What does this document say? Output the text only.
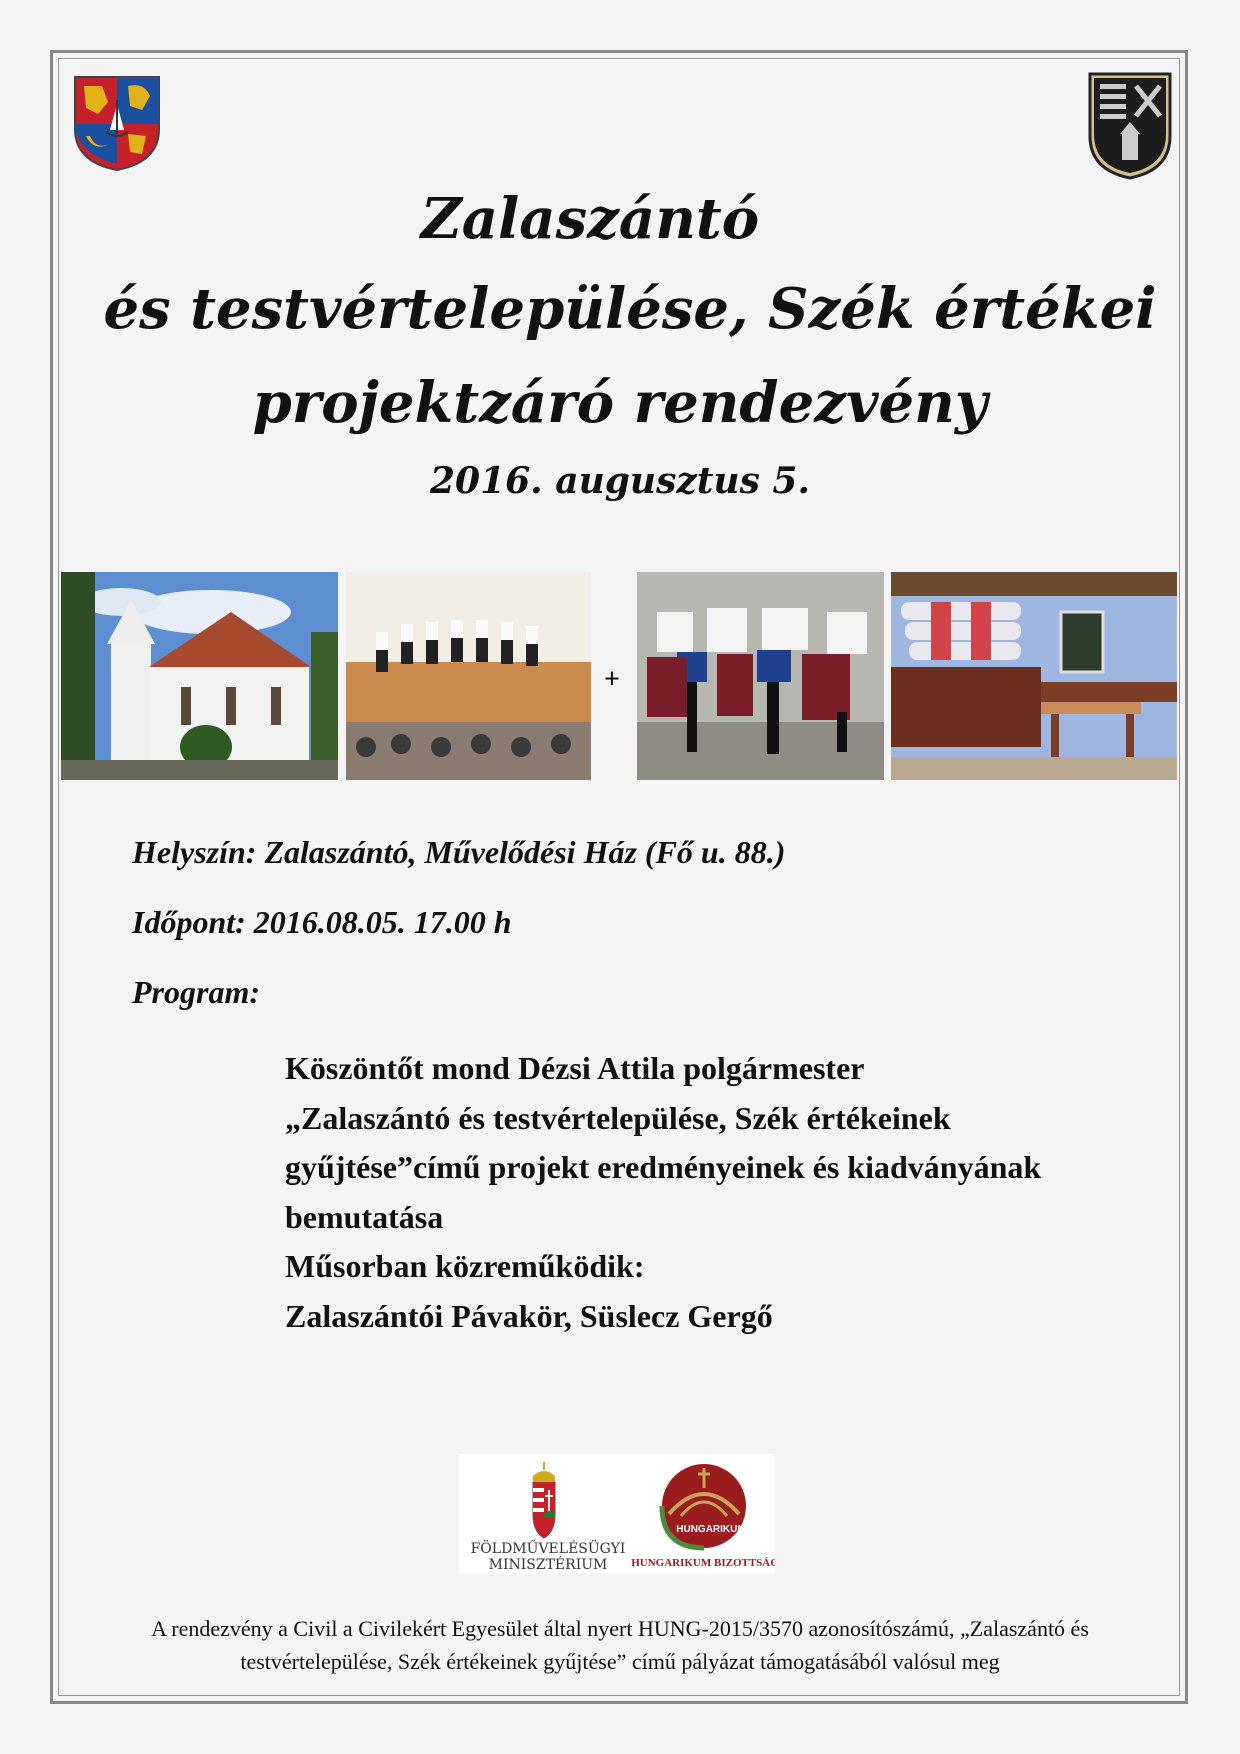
Zalaszántó
és testvértelepülése, Szék értékei
projektzáró rendezvény
2016. augusztus 5.
+
Helyszín: Zalaszántó, Művelődési Ház (Fő u. 88.)
Időpont: 2016.08.05. 17.00 h
Program:
Köszöntőt mond Dézsi Attila polgármester
„Zalaszántó és testvértelepülése, Szék értékeinek
gyűjtése”című projekt eredményeinek és kiadványának
bemutatása
Műsorban közreműködik:
Zalaszántói Pávakör, Süslecz Gergő
FÖLDMŰVELÉSÜGYI
MINISZTÉRIUM
HUNGARIKUM
HUNGARIKUM BIZOTTSÁG
A rendezvény a Civil a Civilekért Egyesület által nyert HUNG-2015/3570 azonosítószámú, „Zalaszántó és
testvértelepülése, Szék értékeinek gyűjtése” című pályázat támogatásából valósul meg
